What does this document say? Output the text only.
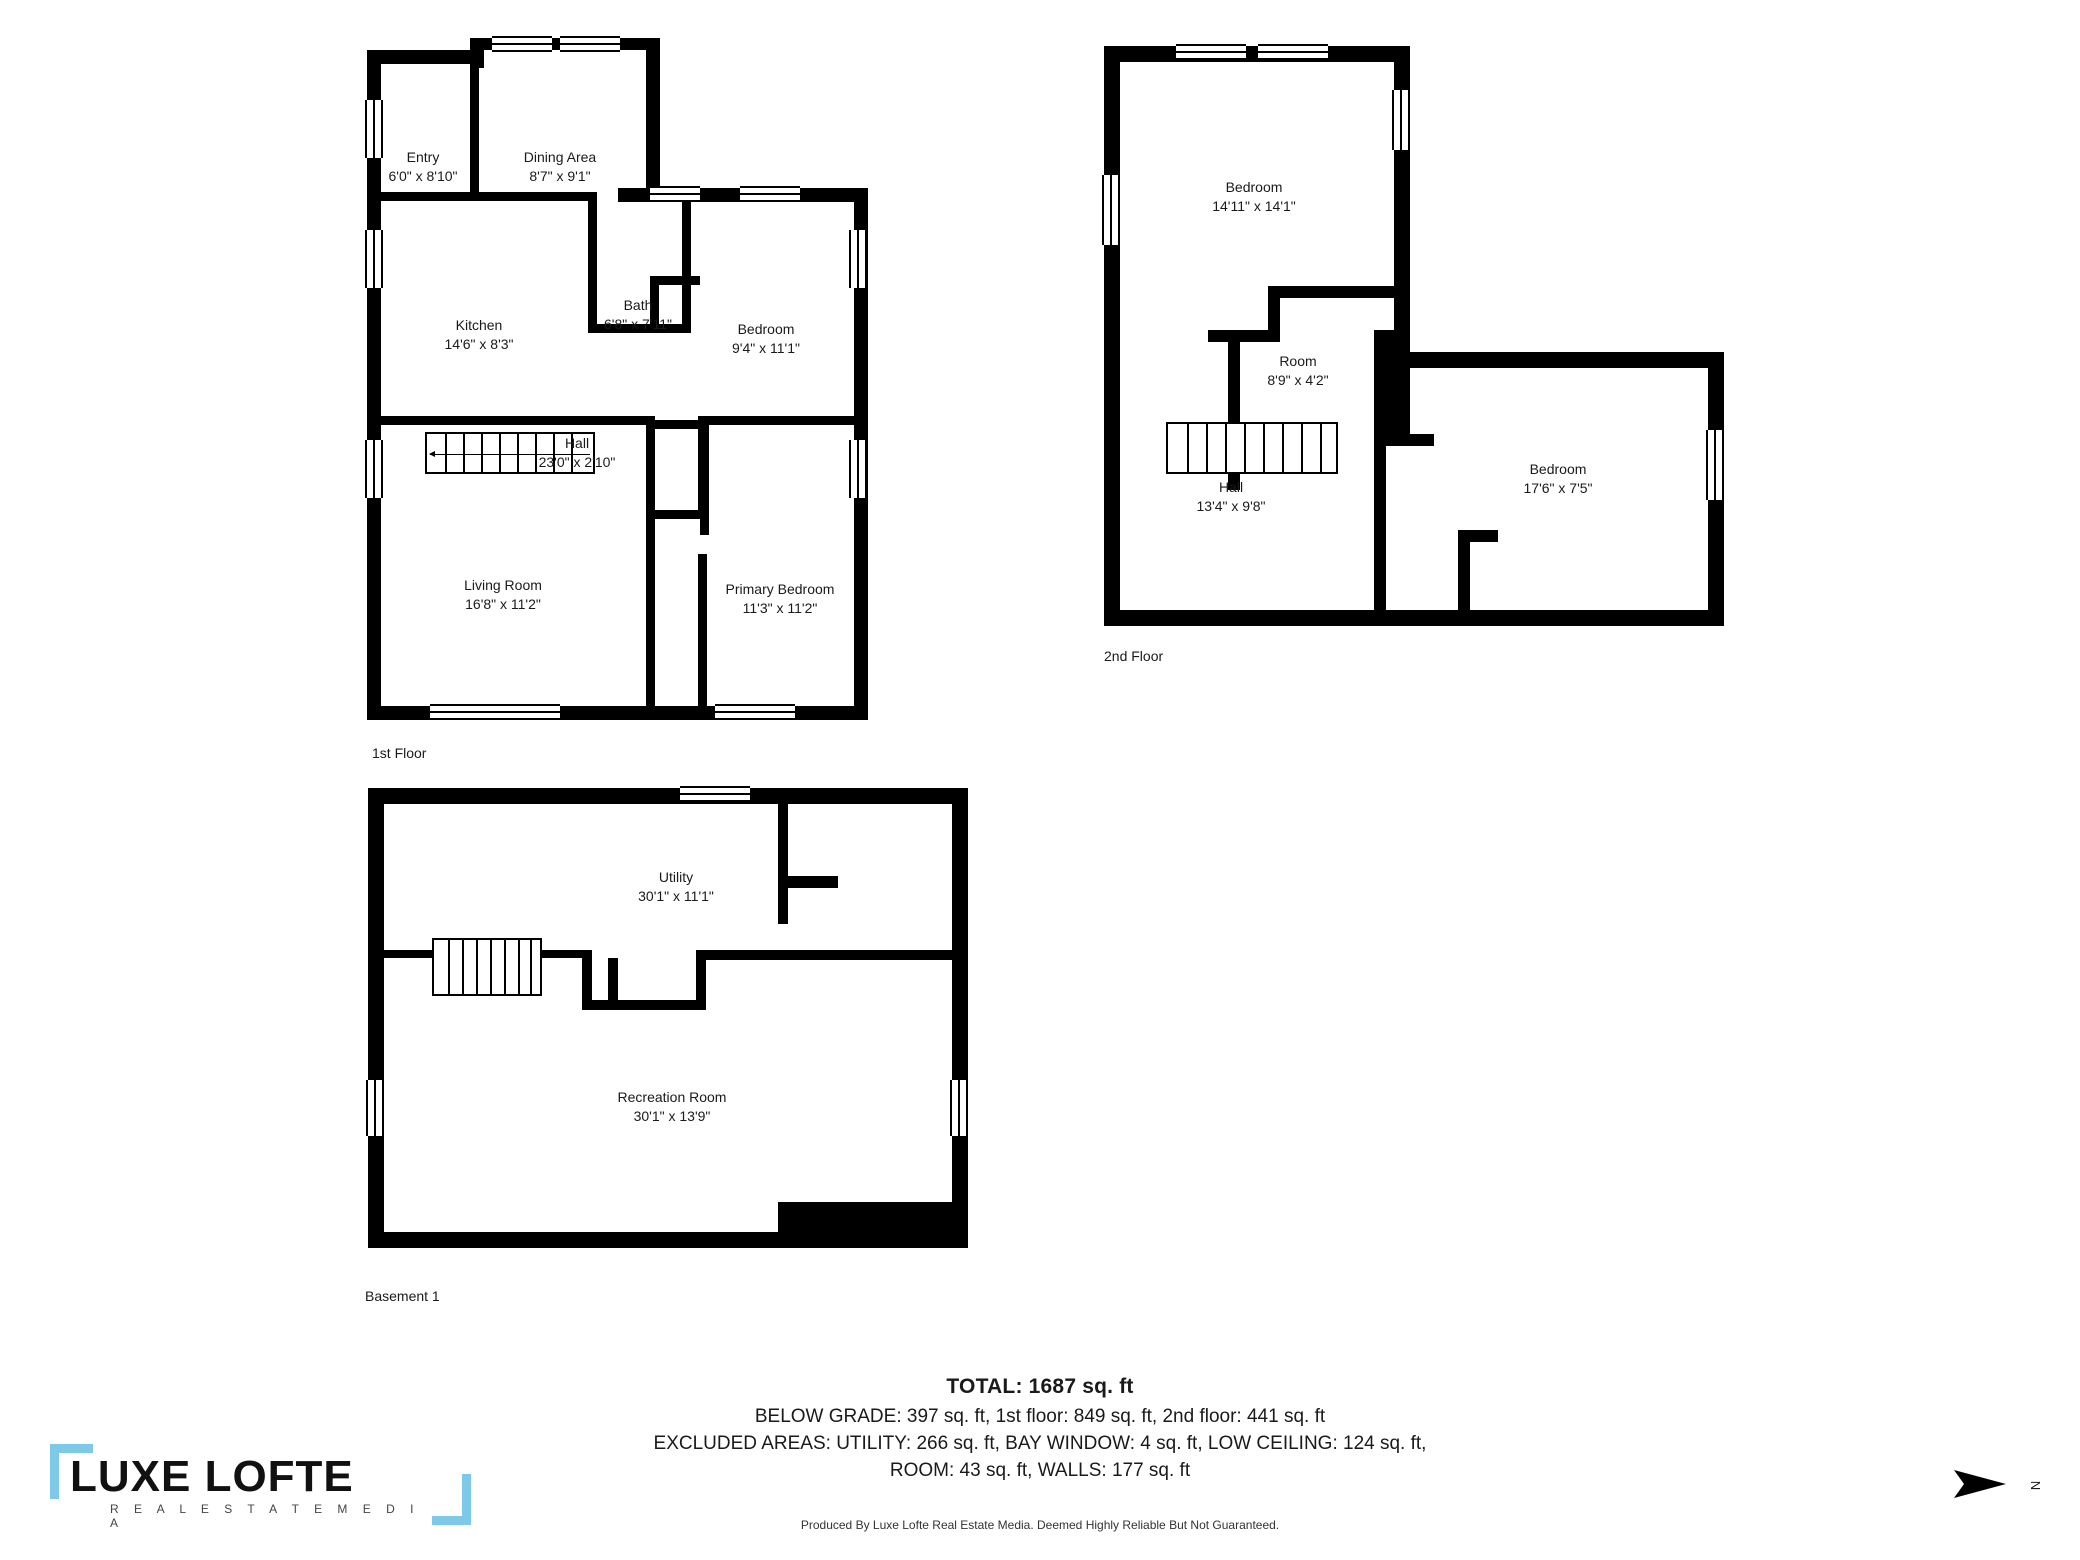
Entry
6'0" x 8'10"
Dining Area
8'7" x 9'1"
Kitchen
14'6" x 8'3"
Bath
6'8" x 7'11"	Bedroom
9'4" x 11'1"
Hall
23'0" x 2'10"
Living Room
16'8" x 11'2"
Primary Bedroom
11'3" x 11'2"
1st Floor
Bedroom
14'11" x 14'1"
Room
8'9" x 4'2"
Hall
13'4" x 9'8"
Bedroom
17'6" x 7'5"
2nd Floor
Utility
30'1" x 11'1"
Recreation Room
30'1" x 13'9"
Basement 1
TOTAL: 1687 sq. ft
BELOW GRADE: 397 sq. ft, 1st floor: 849 sq. ft, 2nd floor: 441 sq. ft
EXCLUDED AREAS: UTILITY: 266 sq. ft, BAY WINDOW: 4 sq. ft, LOW CEILING: 124 sq. ft,
ROOM: 43 sq. ft, WALLS: 177 sq. ft
Produced By Luxe Lofte Real Estate Media. Deemed Highly Reliable But Not Guaranteed.
LUXE LOFTE
R E A L E S T A T E M E D I A
N
